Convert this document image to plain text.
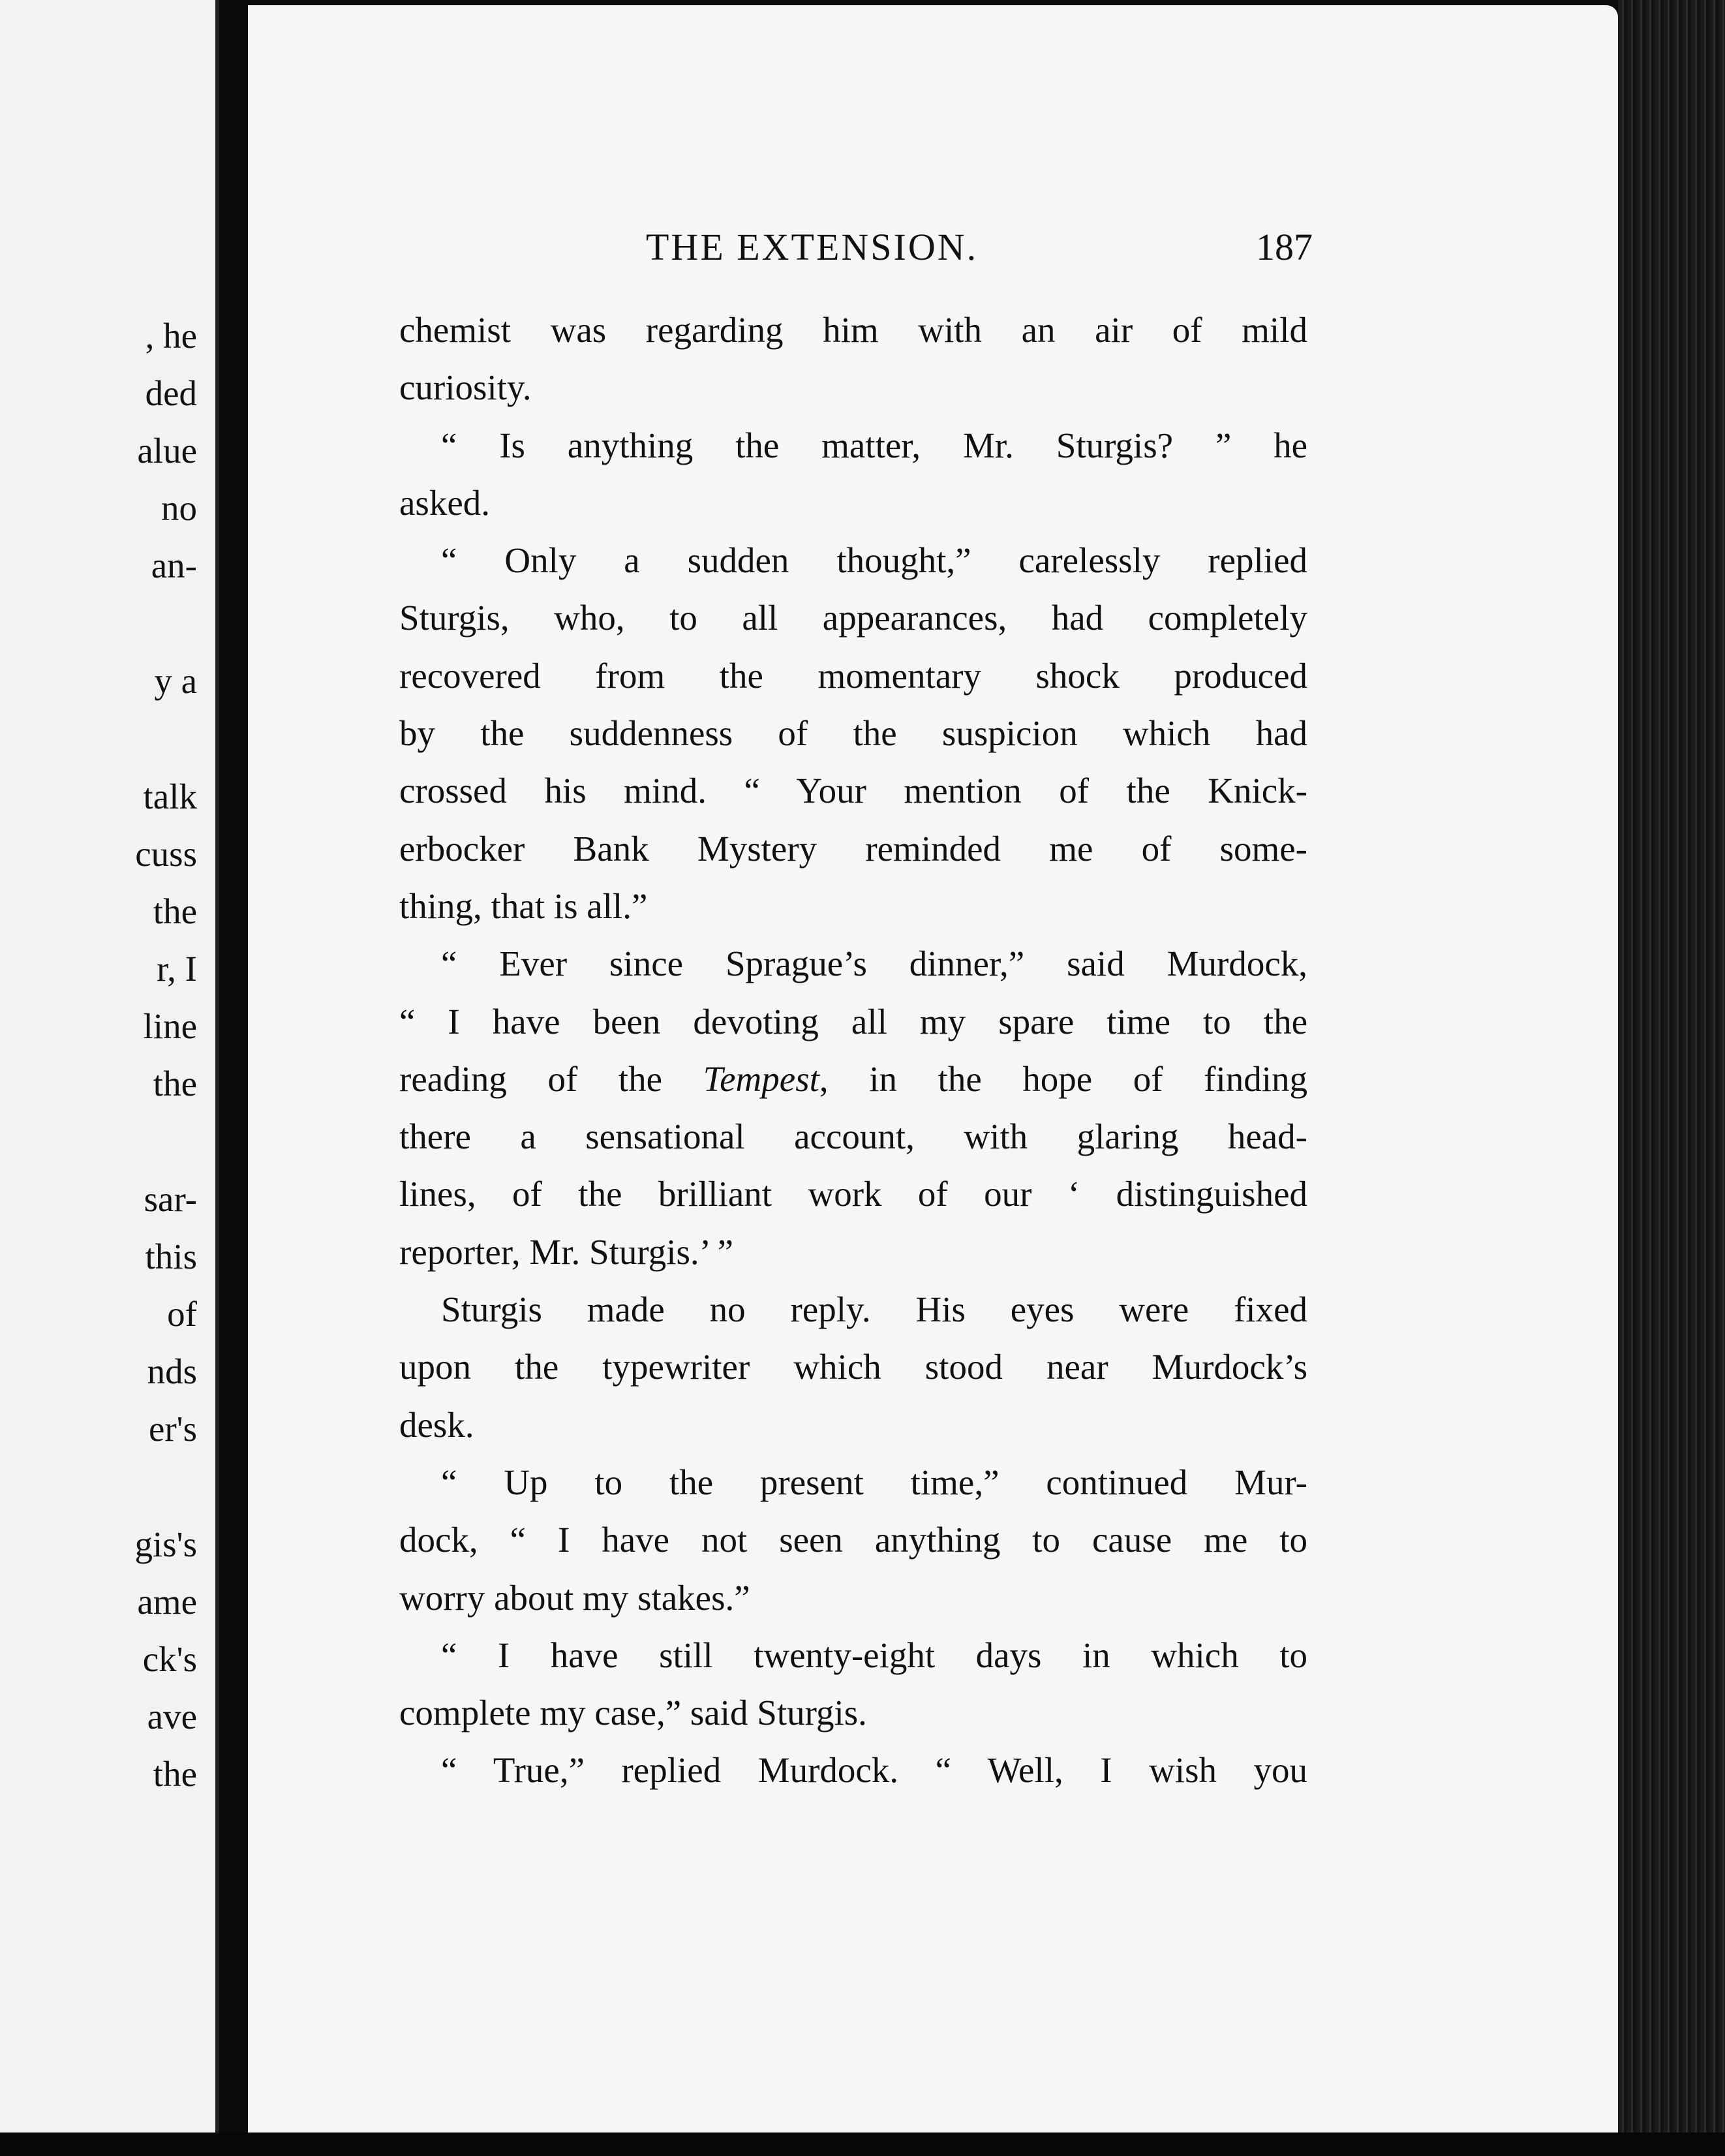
, he
ded
alue
no
an-
y a
talk
cuss
the
r, I
line
the
sar-
this
of
nds
er's
gis's
ame
ck's
ave
the
THE EXTENSION.	187
chemist was regarding him with an air of mild
curiosity.
“ Is anything the matter, Mr. Sturgis? ” he
asked.
“ Only a sudden thought,” carelessly replied
Sturgis, who, to all appearances, had completely
recovered from the momentary shock produced
by the suddenness of the suspicion which had
crossed his mind. “ Your mention of the Knick-
erbocker Bank Mystery reminded me of some-
thing, that is all.”
“ Ever since Sprague’s dinner,” said Murdock,
“ I have been devoting all my spare time to the
reading of the Tempest, in the hope of finding
there a sensational account, with glaring head-
lines, of the brilliant work of our ‘ distinguished
reporter, Mr. Sturgis.’ ”
Sturgis made no reply. His eyes were fixed
upon the typewriter which stood near Murdock’s
desk.
“ Up to the present time,” continued Mur-
dock, “ I have not seen anything to cause me to
worry about my stakes.”
“ I have still twenty-eight days in which to
complete my case,” said Sturgis.
“ True,” replied Murdock. “ Well, I wish you
